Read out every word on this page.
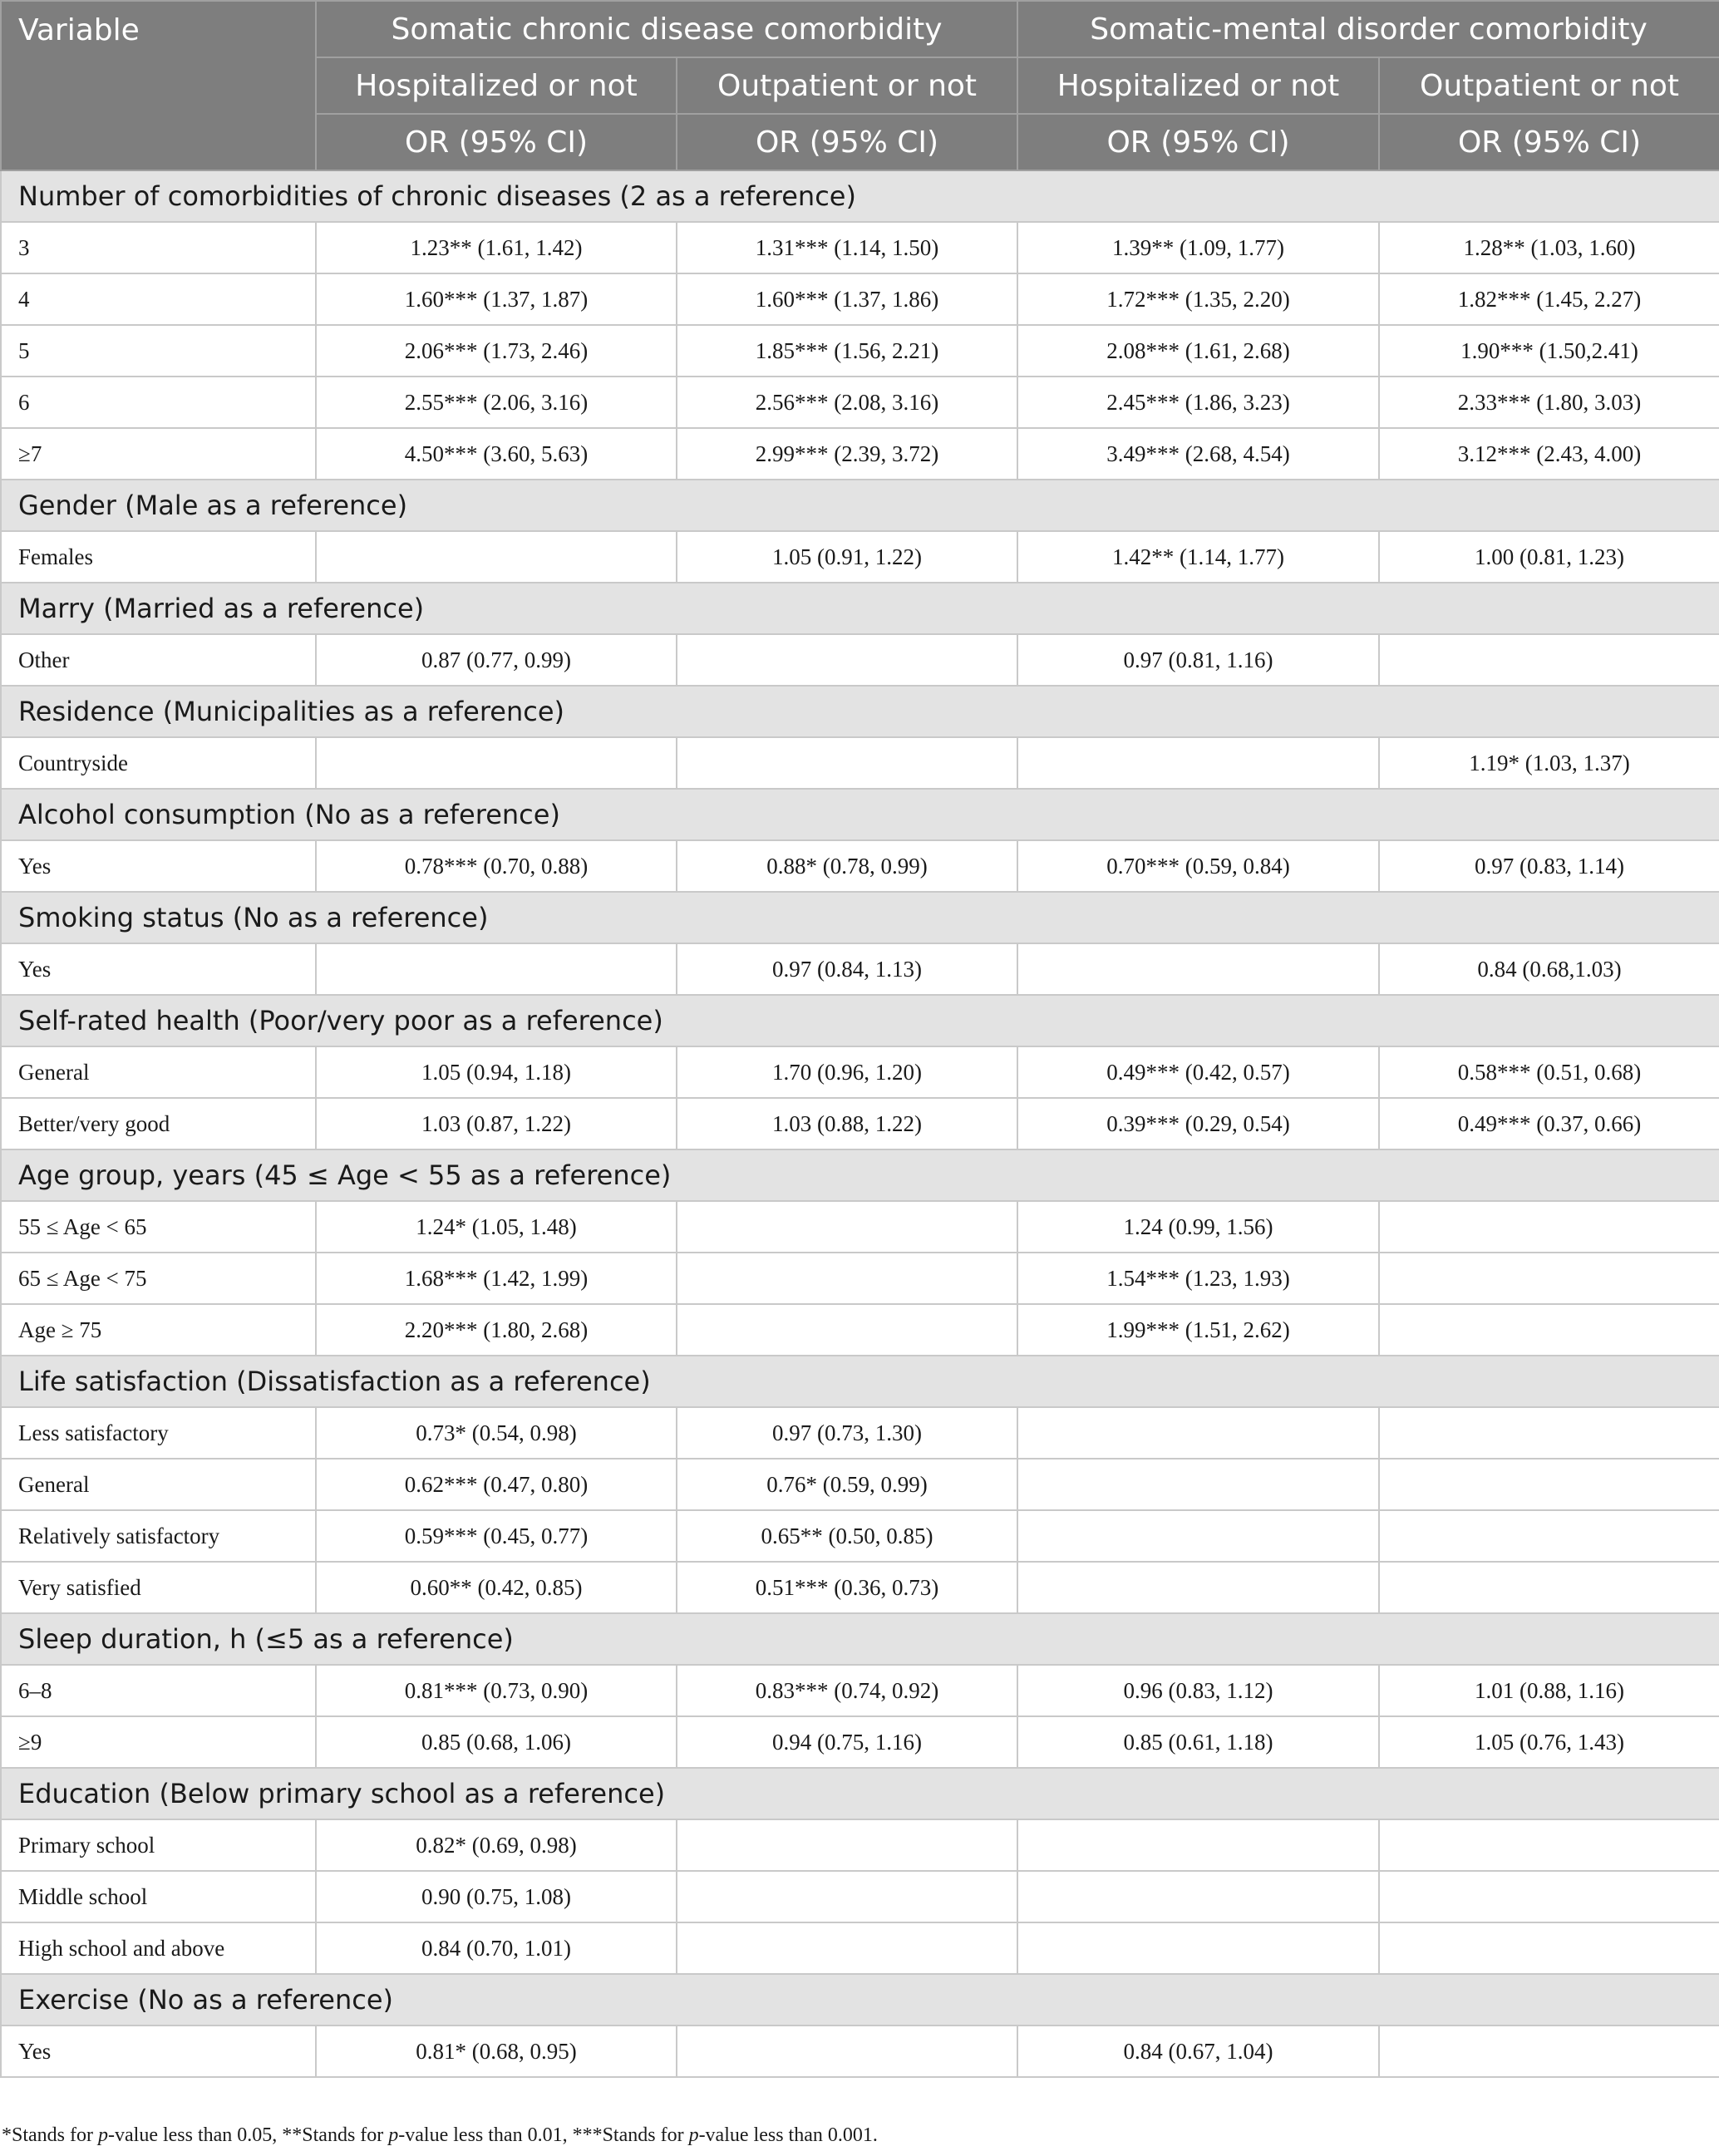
Variable	Somatic chronic disease comorbidity		Somatic-mental disorder comorbidity	
	Hospitalized or not	Outpatient or not	Hospitalized or not	Outpatient or not
	OR (95% CI)	OR (95% CI)	OR (95% CI)	OR (95% CI)
Number of comorbidities of chronic diseases (2 as a reference)				
3	1.23** (1.61, 1.42)	1.31*** (1.14, 1.50)	1.39** (1.09, 1.77)	1.28** (1.03, 1.60)
4	1.60*** (1.37, 1.87)	1.60*** (1.37, 1.86)	1.72*** (1.35, 2.20)	1.82*** (1.45, 2.27)
5	2.06*** (1.73, 2.46)	1.85*** (1.56, 2.21)	2.08*** (1.61, 2.68)	1.90*** (1.50,2.41)
6	2.55*** (2.06, 3.16)	2.56*** (2.08, 3.16)	2.45*** (1.86, 3.23)	2.33*** (1.80, 3.03)
≥7	4.50*** (3.60, 5.63)	2.99*** (2.39, 3.72)	3.49*** (2.68, 4.54)	3.12*** (2.43, 4.00)
Gender (Male as a reference)				
Females		1.05 (0.91, 1.22)	1.42** (1.14, 1.77)	1.00 (0.81, 1.23)
Marry (Married as a reference)				
Other	0.87 (0.77, 0.99)		0.97 (0.81, 1.16)	
Residence (Municipalities as a reference)				
Countryside				1.19* (1.03, 1.37)
Alcohol consumption (No as a reference)				
Yes	0.78*** (0.70, 0.88)	0.88* (0.78, 0.99)	0.70*** (0.59, 0.84)	0.97 (0.83, 1.14)
Smoking status (No as a reference)				
Yes		0.97 (0.84, 1.13)		0.84 (0.68,1.03)
Self-rated health (Poor/very poor as a reference)				
General	1.05 (0.94, 1.18)	1.70 (0.96, 1.20)	0.49*** (0.42, 0.57)	0.58*** (0.51, 0.68)
Better/very good	1.03 (0.87, 1.22)	1.03 (0.88, 1.22)	0.39*** (0.29, 0.54)	0.49*** (0.37, 0.66)
Age group, years (45 ≤ Age < 55 as a reference)				
55 ≤ Age < 65	1.24* (1.05, 1.48)		1.24 (0.99, 1.56)	
65 ≤ Age < 75	1.68*** (1.42, 1.99)		1.54*** (1.23, 1.93)	
Age ≥ 75	2.20*** (1.80, 2.68)		1.99*** (1.51, 2.62)	
Life satisfaction (Dissatisfaction as a reference)				
Less satisfactory	0.73* (0.54, 0.98)	0.97 (0.73, 1.30)		
General	0.62*** (0.47, 0.80)	0.76* (0.59, 0.99)		
Relatively satisfactory	0.59*** (0.45, 0.77)	0.65** (0.50, 0.85)		
Very satisfied	0.60** (0.42, 0.85)	0.51*** (0.36, 0.73)		
Sleep duration, h (≤5 as a reference)				
6–8	0.81*** (0.73, 0.90)	0.83*** (0.74, 0.92)	0.96 (0.83, 1.12)	1.01 (0.88, 1.16)
≥9	0.85 (0.68, 1.06)	0.94 (0.75, 1.16)	0.85 (0.61, 1.18)	1.05 (0.76, 1.43)
Education (Below primary school as a reference)				
Primary school	0.82* (0.69, 0.98)			
Middle school	0.90 (0.75, 1.08)			
High school and above	0.84 (0.70, 1.01)			
Exercise (No as a reference)				
Yes	0.81* (0.68, 0.95)		0.84 (0.67, 1.04)	
*Stands for p-value less than 0.05, **Stands for p-value less than 0.01, ***Stands for p-value less than 0.001.
